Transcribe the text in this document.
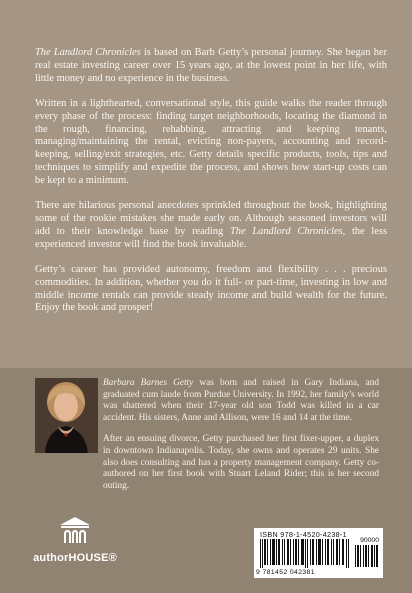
The Landlord Chronicles is based on Barb Getty’s personal journey. She began her real estate investing career over 15 years ago, at the lowest point in her life, with little money and no experience in the business.

Written in a lighthearted, conversational style, this guide walks the reader through every phase of the process: finding target neighborhoods, locating the diamond in the rough, financing, rehabbing, attracting and keeping tenants, managing/maintaining the rental, evicting non-payers, accounting and record-keeping, selling/exit strategies, etc. Getty details specific products, tools, tips and techniques to simplify and expedite the process, and shows how start-up costs can be kept to a minimum.

There are hilarious personal anecdotes sprinkled throughout the book, highlighting some of the rookie mistakes she made early on. Although seasoned investors will add to their knowledge base by reading The Landlord Chronicles, the less experienced investor will find the book invaluable.

Getty’s career has provided autonomy, freedom and flexibility . . . precious commodities. In addition, whether you do it full- or part-time, investing in low and middle income rentals can provide steady income and build wealth for the future. Enjoy the book and prosper!

Barbara Barnes Getty was born and raised in Gary Indiana, and graduated cum laude from Purdue University. In 1992, her family’s world was shattered when their 17-year old son Todd was killed in a car accident. His sisters, Anne and Allison, were 16 and 14 at the time.

After an ensuing divorce, Getty purchased her first fixer-upper, a duplex in downtown Indianapolis. Today, she owns and operates 29 units. She also does consulting and has a property management company. Getty co-authored on her first book with Stuart Leland Rider; this is her second outing.

authorHOUSE®
ISBN 978-1-4520-4238-1
90000
9 781452 042381
